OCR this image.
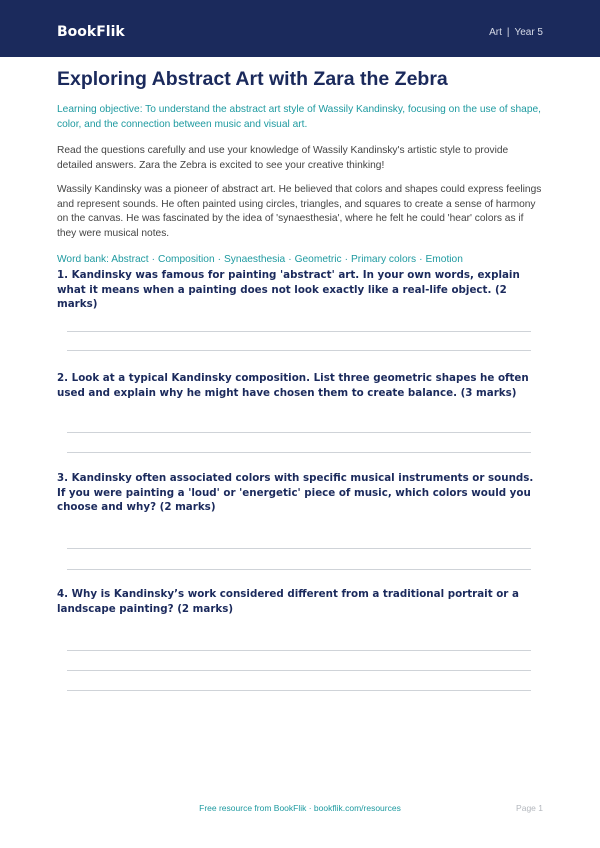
BookFlik	Art | Year 5
Exploring Abstract Art with Zara the Zebra

Learning objective: To understand the abstract art style of Wassily Kandinsky, focusing on the use of shape, color, and the connection between music and visual art.

Read the questions carefully and use your knowledge of Wassily Kandinsky's artistic style to provide detailed answers. Zara the Zebra is excited to see your creative thinking!

Wassily Kandinsky was a pioneer of abstract art. He believed that colors and shapes could express feelings and represent sounds. He often painted using circles, triangles, and squares to create a sense of harmony on the canvas. He was fascinated by the idea of 'synaesthesia', where he felt he could 'hear' colors as if they were musical notes.

Word bank: Abstract · Composition · Synaesthesia · Geometric · Primary colors · Emotion

1. Kandinsky was famous for painting 'abstract' art. In your own words, explain what it means when a painting does not look exactly like a real-life object. (2 marks)

2. Look at a typical Kandinsky composition. List three geometric shapes he often used and explain why he might have chosen them to create balance. (3 marks)

3. Kandinsky often associated colors with specific musical instruments or sounds. If you were painting a 'loud' or 'energetic' piece of music, which colors would you choose and why? (2 marks)

4. Why is Kandinsky’s work considered different from a traditional portrait or a landscape painting? (2 marks)

Free resource from BookFlik · bookflik.com/resources	Page 1
